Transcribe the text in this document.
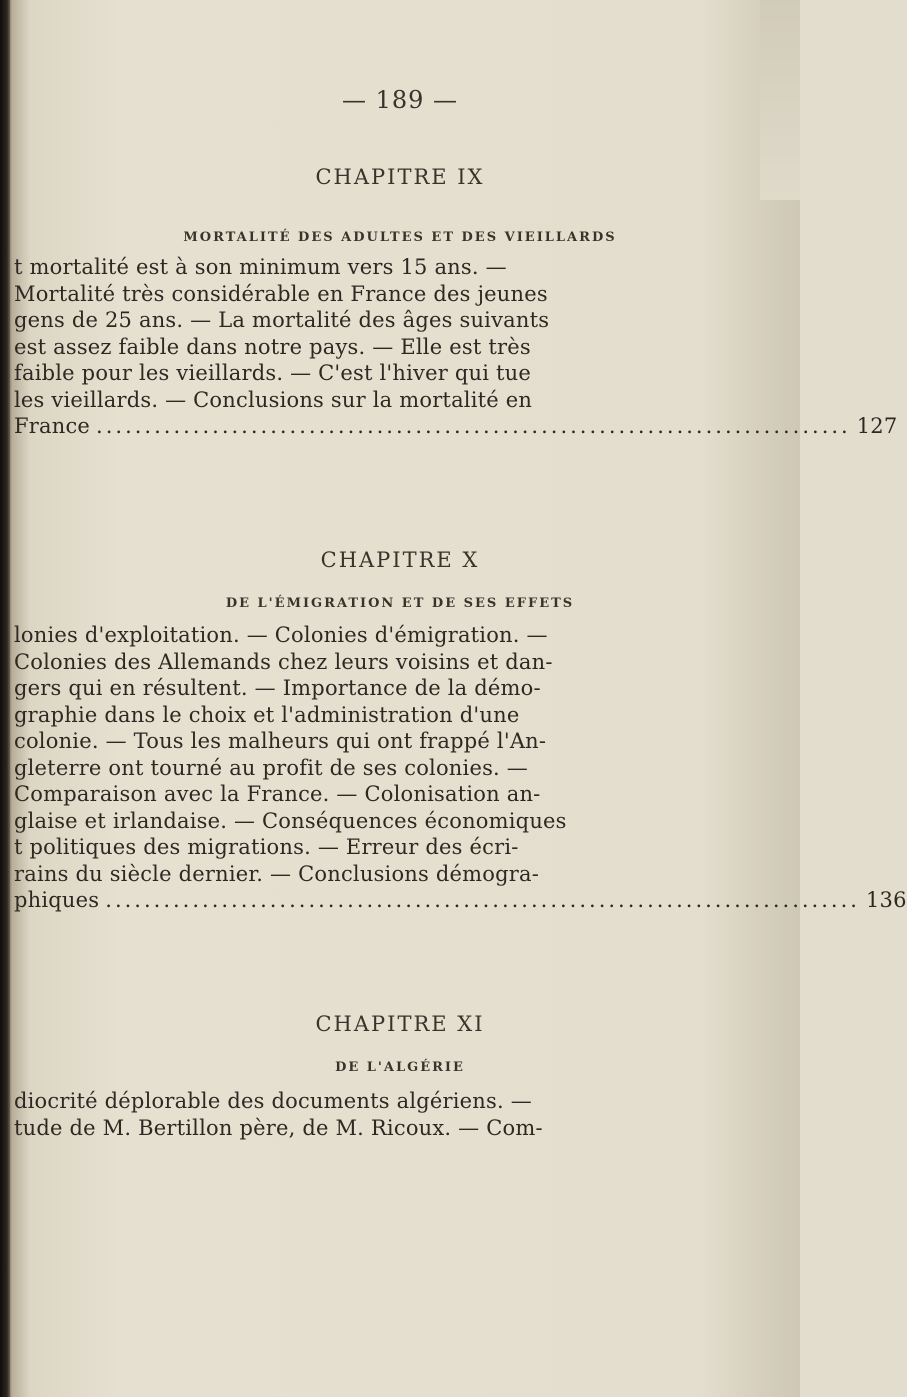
— 189 —
CHAPITRE IX
MORTALITÉ DES ADULTES ET DES VIEILLARDS
t mortalité est à son minimum vers 15 ans. —
Mortalité très considérable en France des jeunes
gens de 25 ans. — La mortalité des âges suivants
est assez faible dans notre pays. — Elle est très
faible pour les vieillards. — C'est l'hiver qui tue
les vieillards. — Conclusions sur la mortalité en
France .............................................................................. 127
CHAPITRE X
DE L'ÉMIGRATION ET DE SES EFFETS
lonies d'exploitation. — Colonies d'émigration. —
Colonies des Allemands chez leurs voisins et dan-
gers qui en résultent. — Importance de la démo-
graphie dans le choix et l'administration d'une
colonie. — Tous les malheurs qui ont frappé l'An-
gleterre ont tourné au profit de ses colonies. —
Comparaison avec la France. — Colonisation an-
glaise et irlandaise. — Conséquences économiques
t politiques des migrations. — Erreur des écri-
rains du siècle dernier. — Conclusions démogra-
phiques .............................................................................. 136
CHAPITRE XI
DE L'ALGÉRIE
diocrité déplorable des documents algériens. —
tude de M. Bertillon père, de M. Ricoux. — Com-
